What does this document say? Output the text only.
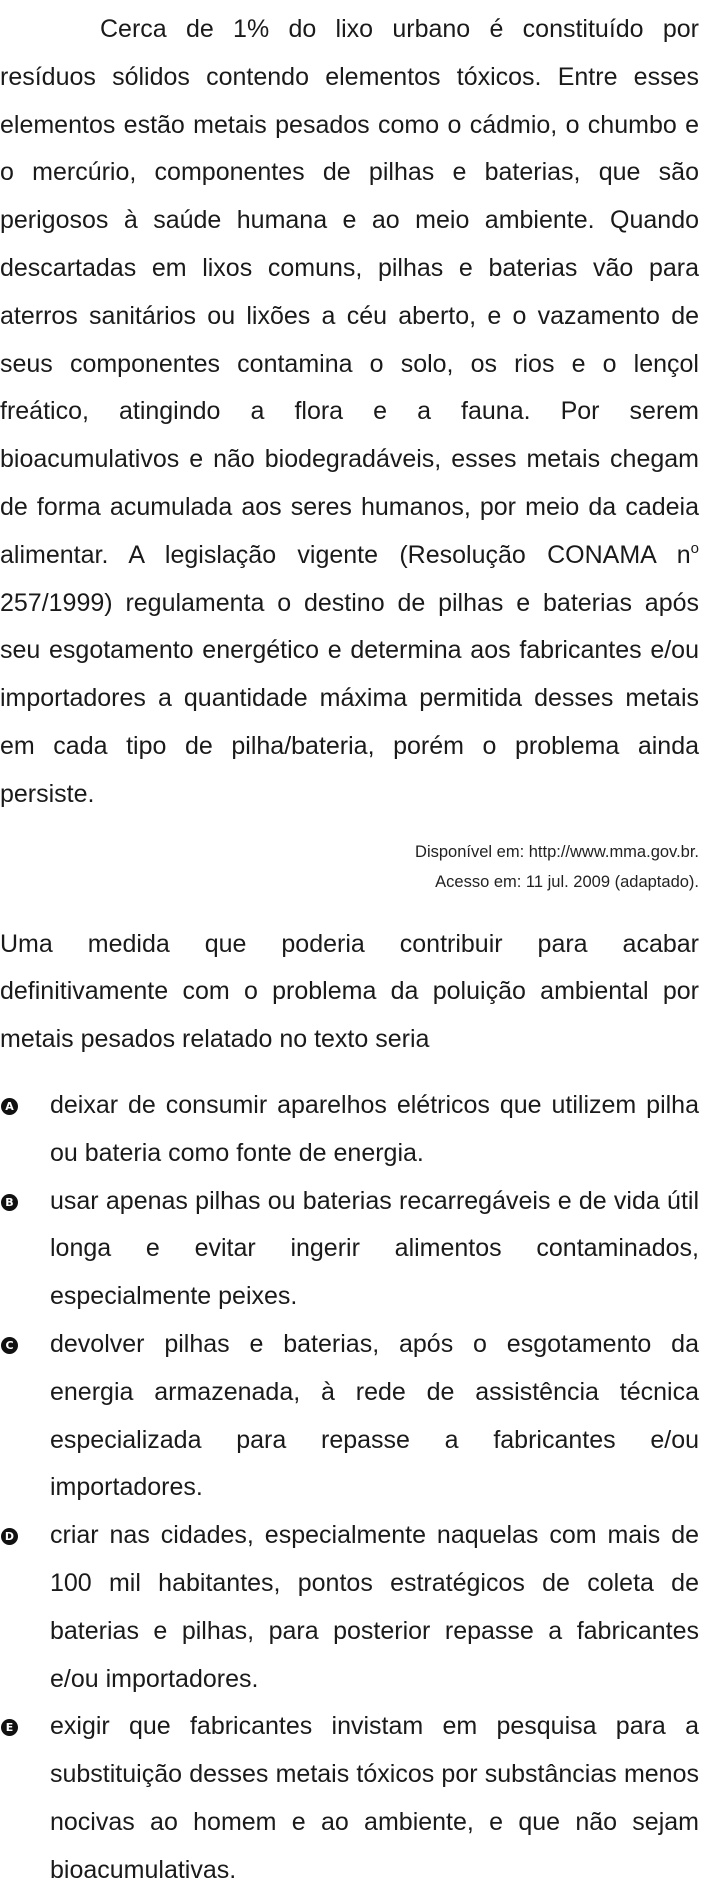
Cerca de 1% do lixo urbano é constituído por resíduos sólidos contendo elementos tóxicos. Entre esses elementos estão metais pesados como o cádmio, o chumbo e o mercúrio, componentes de pilhas e baterias, que são perigosos à saúde humana e ao meio ambiente. Quando descartadas em lixos comuns, pilhas e baterias vão para aterros sanitários ou lixões a céu aberto, e o vazamento de seus componentes contamina o solo, os rios e o lençol freático, atingindo a flora e a fauna. Por serem bioacumulativos e não biodegradáveis, esses metais chegam de forma acumulada aos seres humanos, por meio da cadeia alimentar. A legislação vigente (Resolução CONAMA $n^o$ 257/1999) regulamenta o destino de pilhas e baterias após seu esgotamento energético e determina aos fabricantes e/ou importadores a quantidade máxima permitida desses metais em cada tipo de pilha/bateria, porém o problema ainda persiste.

Disponível em: http://www.mma.gov.br.
Acesso em: 11 jul. 2009 (adaptado).

Uma medida que poderia contribuir para acabar definitivamente com o problema da poluição ambiental por metais pesados relatado no texto seria

A deixar de consumir aparelhos elétricos que utilizem pilha ou bateria como fonte de energia.

B usar apenas pilhas ou baterias recarregáveis e de vida útil longa e evitar ingerir alimentos contaminados, especialmente peixes.

C devolver pilhas e baterias, após o esgotamento da energia armazenada, à rede de assistência técnica especializada para repasse a fabricantes e/ou importadores.

D criar nas cidades, especialmente naquelas com mais de 100 mil habitantes, pontos estratégicos de coleta de baterias e pilhas, para posterior repasse a fabricantes e/ou importadores.

E exigir que fabricantes invistam em pesquisa para a substituição desses metais tóxicos por substâncias menos nocivas ao homem e ao ambiente, e que não sejam bioacumulativas.
